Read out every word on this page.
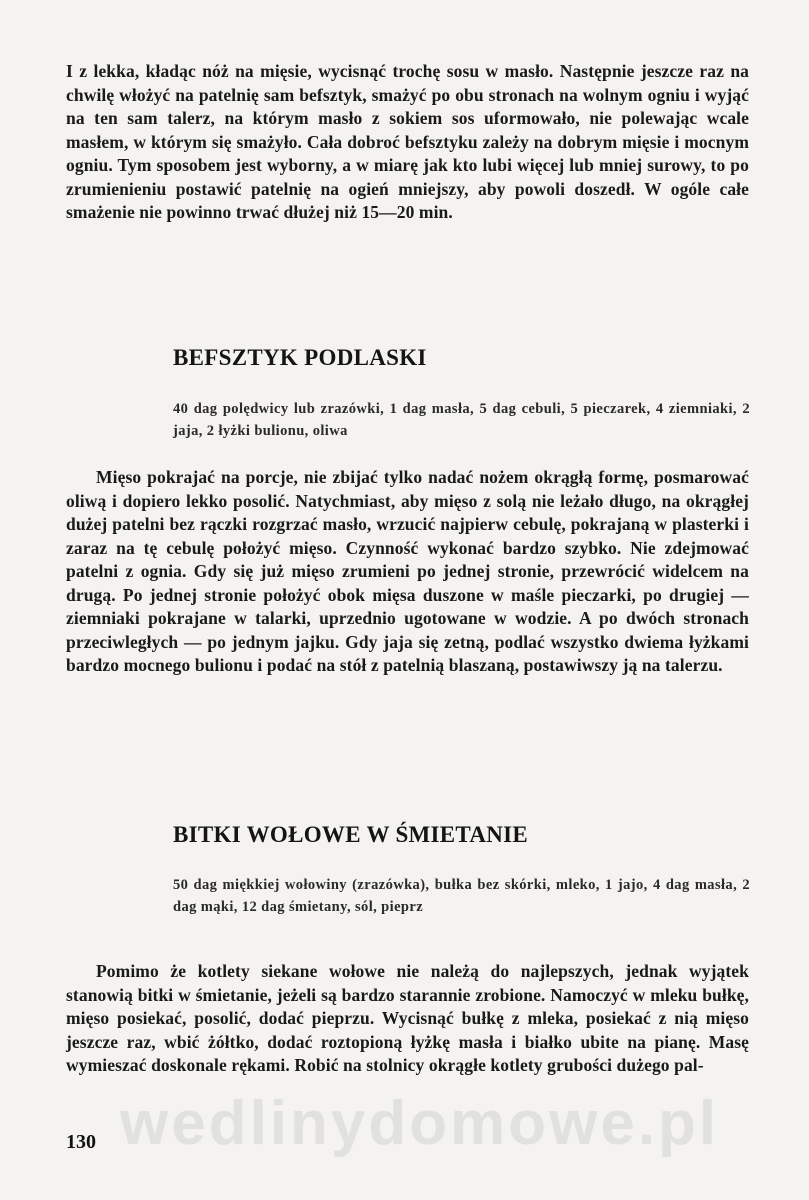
I z lekka, kładąc nóż na mięsie, wycisnąć trochę sosu w masło. Następnie jeszcze raz na chwilę włożyć na patelnię sam befsztyk, smażyć po obu stronach na wolnym ogniu i wyjąć na ten sam talerz, na którym masło z sokiem sos uformowało, nie polewając wcale masłem, w którym się smażyło. Cała dobroć befsztyku zależy na dobrym mięsie i mocnym ogniu. Tym sposobem jest wyborny, a w miarę jak kto lubi więcej lub mniej surowy, to po zrumienieniu postawić patelnię na ogień mniejszy, aby powoli doszedł. W ogóle całe smażenie nie powinno trwać dłużej niż 15—20 min.
BEFSZTYK PODLASKI
40 dag polędwicy lub zrazówki, 1 dag masła, 5 dag cebuli, 5 pieczarek, 4 ziemniaki, 2 jaja, 2 łyżki bulionu, oliwa
Mięso pokrajać na porcje, nie zbijać tylko nadać nożem okrągłą formę, posmarować oliwą i dopiero lekko posolić. Natychmiast, aby mięso z solą nie leżało długo, na okrągłej dużej patelni bez rączki rozgrzać masło, wrzucić najpierw cebulę, pokrajaną w plasterki i zaraz na tę cebulę położyć mięso. Czynność wykonać bardzo szybko. Nie zdejmować patelni z ognia. Gdy się już mięso zrumieni po jednej stronie, przewrócić widelcem na drugą. Po jednej stronie położyć obok mięsa duszone w maśle pieczarki, po drugiej — ziemniaki pokrajane w talarki, uprzednio ugotowane w wodzie. A po dwóch stronach przeciwległych — po jednym jajku. Gdy jaja się zetną, podlać wszystko dwiema łyżkami bardzo mocnego bulionu i podać na stół z patelnią blaszaną, postawiwszy ją na talerzu.
BITKI WOŁOWE W ŚMIETANIE
50 dag miękkiej wołowiny (zrazówka), bułka bez skórki, mleko, 1 jajo, 4 dag masła, 2 dag mąki, 12 dag śmietany, sól, pieprz
Pomimo że kotlety siekane wołowe nie należą do najlepszych, jednak wyjątek stanowią bitki w śmietanie, jeżeli są bardzo starannie zrobione. Namoczyć w mleku bułkę, mięso posiekać, posolić, dodać pieprzu. Wycisnąć bułkę z mleka, posiekać z nią mięso jeszcze raz, wbić żółtko, dodać roztopioną łyżkę masła i białko ubite na pianę. Masę wymieszać doskonale rękami. Robić na stolnicy okrągłe kotlety grubości dużego pal-
wedlinydomowe.pl
130
